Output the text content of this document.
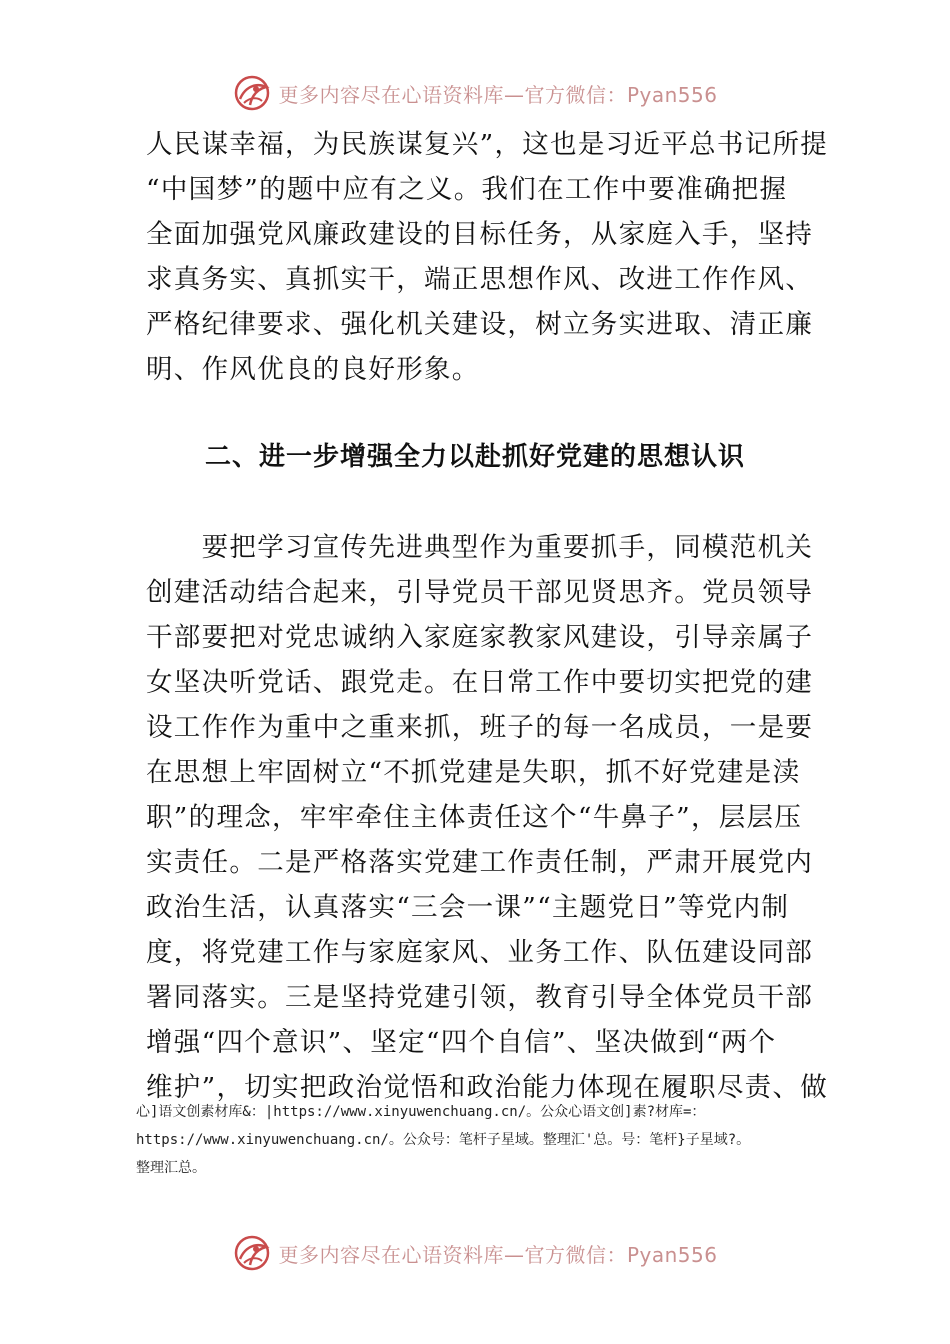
更多内容尽在心语资料库—官方微信：Pyan556
人民谋幸福，为民族谋复兴”，这也是习近平总书记所提
“中国梦”的题中应有之义。我们在工作中要准确把握
全面加强党风廉政建设的目标任务，从家庭入手，坚持
求真务实、真抓实干，端正思想作风、改进工作作风、
严格纪律要求、强化机关建设，树立务实进取、清正廉
明、作风优良的良好形象。
二、进一步增强全力以赴抓好党建的思想认识
　　要把学习宣传先进典型作为重要抓手，同模范机关
创建活动结合起来，引导党员干部见贤思齐。党员领导
干部要把对党忠诚纳入家庭家教家风建设，引导亲属子
女坚决听党话、跟党走。在日常工作中要切实把党的建
设工作作为重中之重来抓，班子的每一名成员，一是要
在思想上牢固树立“不抓党建是失职，抓不好党建是渎
职”的理念，牢牢牵住主体责任这个“牛鼻子”，层层压
实责任。二是严格落实党建工作责任制，严肃开展党内
政治生活，认真落实“三会一课”“主题党日”等党内制
度，将党建工作与家庭家风、业务工作、队伍建设同部
署同落实。三是坚持党建引领，教育引导全体党员干部
增强“四个意识”、坚定“四个自信”、坚决做到“两个
维护”，切实把政治觉悟和政治能力体现在履职尽责、做
心]语文创素材库&：|https://www.xinyuwenchuang.cn/。公众心语文创]素?材库=：
https://www.xinyuwenchuang.cn/。公众号：笔杆子星域。整理汇'总。号：笔杆}子星域?。
整理汇总。
更多内容尽在心语资料库—官方微信：Pyan556
